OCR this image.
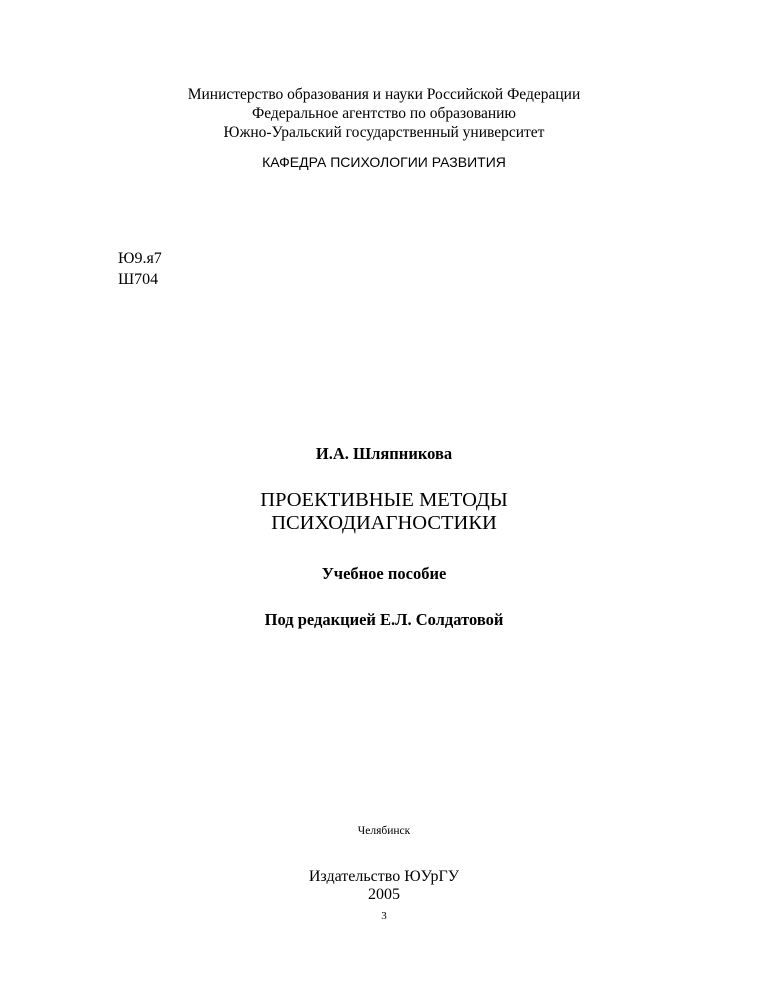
Министерство образования и науки Российской Федерации
Федеральное агентство по образованию
Южно-Уральский государственный университет
КАФЕДРА ПСИХОЛОГИИ РАЗВИТИЯ
Ю9.я7
Ш704
И.А. Шляпникова
ПРОЕКТИВНЫЕ МЕТОДЫ
ПСИХОДИАГНОСТИКИ
Учебное пособие
Под редакцией Е.Л. Солдатовой
Челябинск
Издательство ЮУрГУ
2005
3
